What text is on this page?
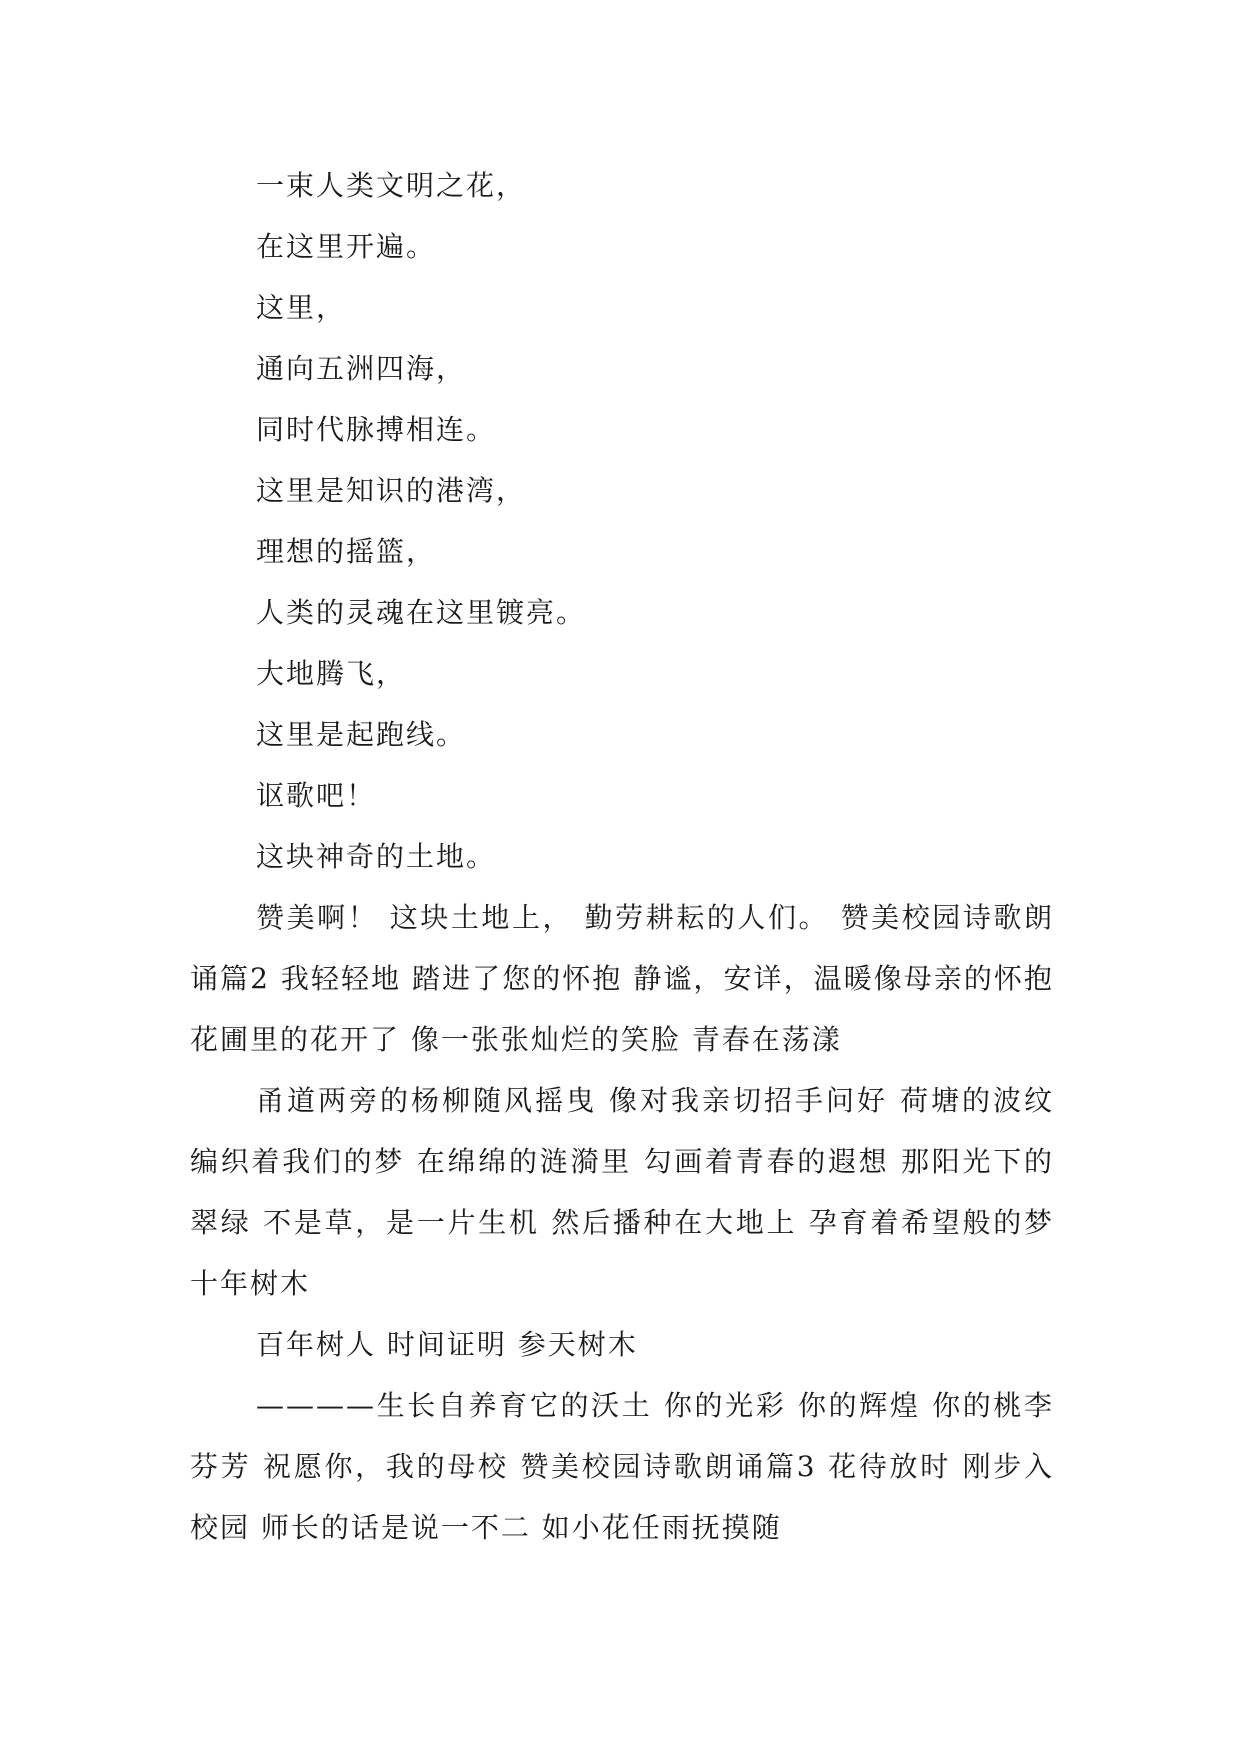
一束人类文明之花，
在这里开遍。
这里，
通向五洲四海，
同时代脉搏相连。
这里是知识的港湾，
理想的摇篮，
人类的灵魂在这里镀亮。
大地腾飞，
这里是起跑线。
讴歌吧！
这块神奇的土地。

赞美啊！ 这块土地上， 勤劳耕耘的人们。 赞美校园诗歌朗诵篇2 我轻轻地 踏进了您的怀抱 静谧，安详，温暖像母亲的怀抱 花圃里的花开了 像一张张灿烂的笑脸 青春在荡漾

甬道两旁的杨柳随风摇曳 像对我亲切招手问好 荷塘的波纹 编织着我们的梦 在绵绵的涟漪里 勾画着青春的遐想 那阳光下的翠绿 不是草，是一片生机 然后播种在大地上 孕育着希望般的梦 十年树木

百年树人 时间证明 参天树木

————生长自养育它的沃土 你的光彩 你的辉煌 你的桃李芬芳 祝愿你，我的母校 赞美校园诗歌朗诵篇3 花待放时 刚步入校园 师长的话是说一不二 如小花任雨抚摸随
